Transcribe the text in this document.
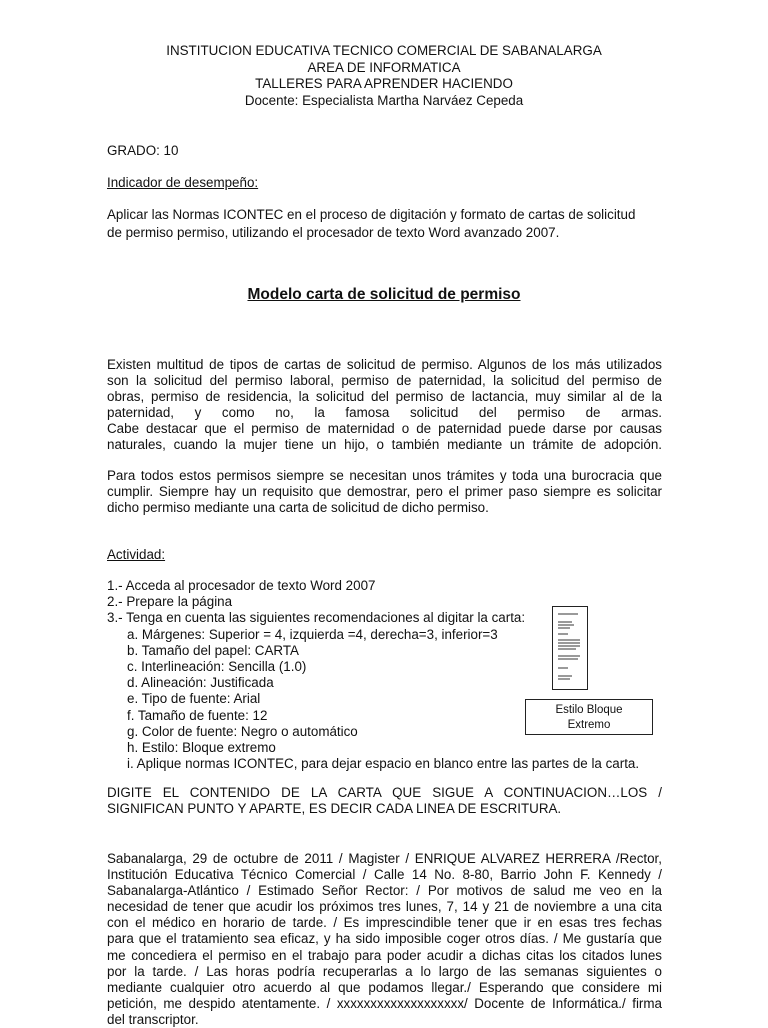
INSTITUCION EDUCATIVA TECNICO COMERCIAL DE SABANALARGA
AREA DE INFORMATICA
TALLERES PARA APRENDER HACIENDO
Docente: Especialista Martha Narváez Cepeda
GRADO: 10
Indicador de desempeño:
Aplicar las Normas ICONTEC en el proceso de digitación y formato de cartas de solicitud
de permiso permiso, utilizando el procesador de texto Word avanzado 2007.
Modelo carta de solicitud de permiso
Existen multitud de tipos de cartas de solicitud de permiso. Algunos de los más utilizados
son la solicitud del permiso laboral, permiso de paternidad, la solicitud del permiso de
obras, permiso de residencia, la solicitud del permiso de lactancia, muy similar al de la
paternidad, y como no, la famosa solicitud del permiso de armas.
Cabe destacar que el permiso de maternidad o de paternidad puede darse por causas
naturales, cuando la mujer tiene un hijo, o también mediante un trámite de adopción.
Para todos estos permisos siempre se necesitan unos trámites y toda una burocracia que
cumplir. Siempre hay un requisito que demostrar, pero el primer paso siempre es solicitar
dicho permiso mediante una carta de solicitud de dicho permiso.
Actividad:
1.- Acceda al procesador de texto Word 2007
2.- Prepare la página
3.- Tenga en cuenta las siguientes recomendaciones al digitar la carta:
a. Márgenes: Superior = 4, izquierda =4, derecha=3, inferior=3
b. Tamaño del papel: CARTA
c. Interlineación: Sencilla (1.0)
d. Alineación: Justificada
e. Tipo de fuente: Arial
f. Tamaño de fuente: 12
g. Color de fuente: Negro o automático
h. Estilo: Bloque extremo
i. Aplique normas ICONTEC, para dejar espacio en blanco entre las partes de la carta.
Estilo Bloque
Extremo
DIGITE EL CONTENIDO DE LA CARTA QUE SIGUE A CONTINUACION…LOS /
SIGNIFICAN PUNTO Y APARTE, ES DECIR CADA LINEA DE ESCRITURA.
Sabanalarga, 29 de octubre de 2011 / Magister / ENRIQUE ALVAREZ HERRERA /Rector,
Institución Educativa Técnico Comercial / Calle 14 No. 8-80, Barrio John F. Kennedy /
Sabanalarga-Atlántico / Estimado Señor Rector: / Por motivos de salud me veo en la
necesidad de tener que acudir los próximos tres lunes, 7, 14 y 21 de noviembre a una cita
con el médico en horario de tarde. / Es imprescindible tener que ir en esas tres fechas
para que el tratamiento sea eficaz, y ha sido imposible coger otros días. / Me gustaría que
me concediera el permiso en el trabajo para poder acudir a dichas citas los citados lunes
por la tarde. / Las horas podría recuperarlas a lo largo de las semanas siguientes o
mediante cualquier otro acuerdo al que podamos llegar./ Esperando que considere mi
petición, me despido atentamente. / xxxxxxxxxxxxxxxxxxx/ Docente de Informática./ firma
del transcriptor.
